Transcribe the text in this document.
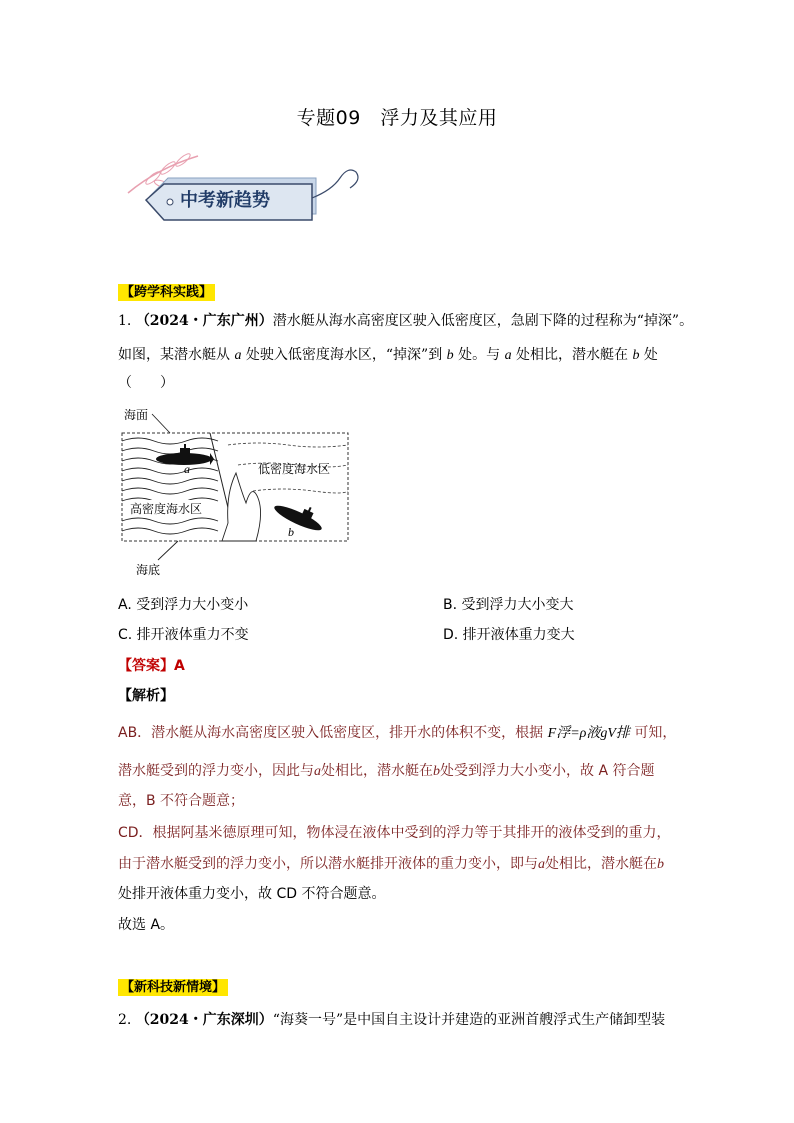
专题09　浮力及其应用
中考新趋势
【跨学科实践】
1. （2024・广东广州）潜水艇从海水高密度区驶入低密度区，急剧下降的过程称为“掉深”。
如图，某潜水艇从 a 处驶入低密度海水区，“掉深”到 b 处。与 a 处相比，潜水艇在 b 处
（　　）
海面
低密度海水区
高密度海水区
海底
a
b
A. 受到浮力大小变小	B. 受到浮力大小变大
C. 排开液体重力不变	D. 排开液体重力变大
【答案】A
【解析】
AB．潜水艇从海水高密度区驶入低密度区，排开水的体积不变，根据 F浮=ρ液gV排 可知，
潜水艇受到的浮力变小，因此与a处相比，潜水艇在b处受到浮力大小变小，故 A 符合题
意，B 不符合题意；
CD．根据阿基米德原理可知，物体浸在液体中受到的浮力等于其排开的液体受到的重力，
由于潜水艇受到的浮力变小，所以潜水艇排开液体的重力变小，即与a处相比，潜水艇在b
处排开液体重力变小，故 CD 不符合题意。
故选 A。
【新科技新情境】
2. （2024・广东深圳）“海葵一号”是中国自主设计并建造的亚洲首艘浮式生产储卸型装
